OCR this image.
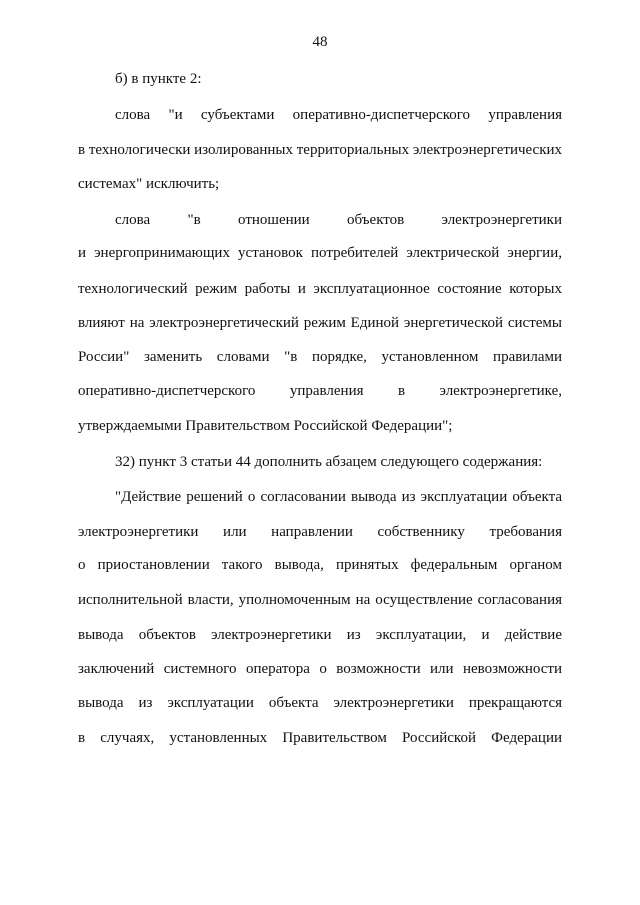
48
б) в пункте 2:
слова "и субъектами оперативно-диспетчерского управления
в технологически изолированных территориальных электроэнергетических
системах" исключить;
слова "в отношении объектов электроэнергетики
и энергопринимающих установок потребителей электрической энергии,
технологический режим работы и эксплуатационное состояние которых
влияют на электроэнергетический режим Единой энергетической системы
России" заменить словами "в порядке, установленном правилами
оперативно-диспетчерского управления в электроэнергетике,
утверждаемыми Правительством Российской Федерации";
32) пункт 3 статьи 44 дополнить абзацем следующего содержания:
"Действие решений о согласовании вывода из эксплуатации объекта
электроэнергетики или направлении собственнику требования
о приостановлении такого вывода, принятых федеральным органом
исполнительной власти, уполномоченным на осуществление согласования
вывода объектов электроэнергетики из эксплуатации, и действие
заключений системного оператора о возможности или невозможности
вывода из эксплуатации объекта электроэнергетики прекращаются
в случаях, установленных Правительством Российской Федерации
